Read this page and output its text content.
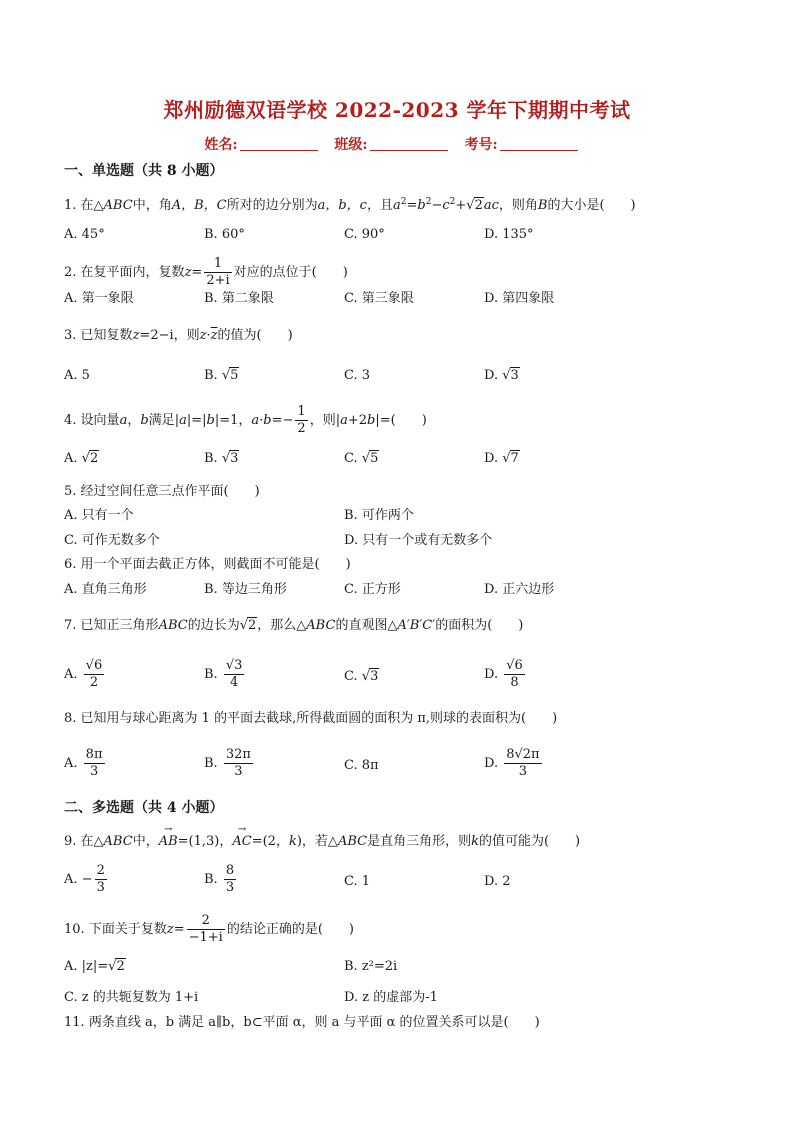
郑州励德双语学校 2022-2023 学年下期期中考试
姓名:	班级:	考号:
一、单选题（共 8 小题）
1. 在△ABC中，角A，B，C所对的边分别为a，b，c，且$a^2=b^2-c^2+√2ac$，则角B的大小是(　　)
A. 45°	B. 60°	C. 90°	D. 135°
2. 在复平面内，复数$z= \frac{1}{2+i}$ 对应的点位于(　　)
A. 第一象限	B. 第二象限	C. 第三象限	D. 第四象限
3. 已知复数z=2−i，则$z\cdot\overline{z}$的值为(　　)
A. 5	B. √5	C. 3	D. √3
4. 设向量a，b满足|a|=|b|=1，$a\cdot b=- \frac{1}{2}$ ，则|a+2b|=(　　)
A. √2	B. √3	C. √5	D. √7
5. 经过空间任意三点作平面(　　)
A. 只有一个	B. 可作两个
C. 可作无数多个	D. 只有一个或有无数多个
6. 用一个平面去截正方体，则截面不可能是(　　)
A. 直角三角形	B. 等边三角形	C. 正方形	D. 正六边形
7. 已知正三角形ABC的边长为√2，那么△ABC的直观图△A′B′C′的面积为(　　)
A. $\frac{√6}{2}$	B. $\frac{√3}{4}$	C. √3	D. $\frac{√6}{8}$
8. 已知用与球心距离为 1 的平面去截球,所得截面圆的面积为 π,则球的表面积为(　　)
A. $\frac{8\pi}{3}$	B. $\frac{32\pi}{3}$	C. 8π	D. $\frac{8√2\pi}{3}$
二、多选题（共 4 小题）
9. 在△ABC中，→ AB=(1,3)，→ AC=(2，k)，若△ABC是直角三角形，则k的值可能为(　　)
A. − $\frac{2}{3}$	B. $\frac{8}{3}$	C. 1	D. 2
10. 下面关于复数$z= \frac{2}{-1+i}$ 的结论正确的是(　　)
A. |z|=√2	B. z²=2i
C. z 的共轭复数为 1+i	D. z 的虚部为-1
11. 两条直线 a，b 满足 a∥b，b⊂平面 α，则 a 与平面 α 的位置关系可以是(　　)
